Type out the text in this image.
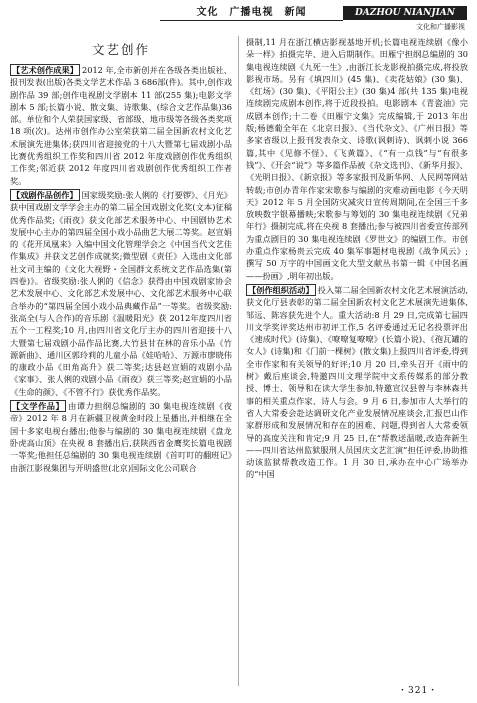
文化　广播电视　新闻	DAZHOU NIANJIAN
文化和广播影视
文艺创作

【艺术创作成果】 2012 年,全市新创并在各级各类出版社、报刊发表(出版)各类文学艺术作品 3 686部(件)。其中,创作戏剧作品 39 部;创作电视剧文学剧本 11 部(255 集);电影文学剧本 5 部;长篇小说、散文集、诗歌集、(综合文艺作品集)36 部。单位和个人荣获国家级、省部级、地市级等各级各类奖项 18 项(次)。达州市创作办公室荣获第二届全国新农村文化艺术展演先进集体;获四川省迎接党的十八大暨第七届戏剧小品比赛优秀组织工作奖和四川省 2012 年度戏剧创作优秀组织工作奖;邻近获 2012 年度四川省戏剧创作优秀组织工作者奖。

【戏剧作品创作】 国家级奖励:张人俐的《打要锣》、《月光》获中国戏剧文学学会主办的第二届全国戏剧文化奖(文本)征稿优秀作品奖;《雨夜》获文化部艺术服务中心、中国剧协艺术发展中心主办的第四届全国小戏小品曲艺大展二等奖。赵宣娟的《花开凤凰来》入编中国文化管理学会之《中国当代文艺佳作集成》并获文艺创作成就奖;微型剧《责任》入选由文化部社文司主编的《文化大视野・全国群文系统文艺作品选集(第四卷)》。省级奖励:张人俐的《信念》获得由中国戏剧家协会艺术发展中心、文化部艺术发展中心、文化部艺术服务中心联合举办的“第四届全国小戏小品典藏作品”一等奖。省级奖励:张高全(与人合作)的音乐剧《温暖阳光》获 2012年度四川省五个一工程奖;10 月,由四川省文化厅主办的四川省迎接十八大暨第七届戏剧小品作品比赛,大竹县甘在林的音乐小品《竹源新曲》、通川区郭玲莉的儿童小品《娃哈哈》、万源市廖晓伟的康政小品《田角高升》获二等奖;达县赵宣娟的戏剧小品《家事》、张人俐的戏剧小品《雨夜》获三等奖;赵宣娟的小品《生命的颜》、《不管不行》获优秀作品奖。

【文学作品】 由谭力担纲总编剧的 30 集电视连续剧《夜帝》2012 年 8 月在新疆卫视黄金时段上星播出,并相继在全国十多家电视台播出;他参与编剧的 30 集电视连续剧《盘龙卧虎高山顶》在央视 8 套播出后,获陕西省金鹰奖长篇电视剧一等奖;他担任总编剧的 30 集电视连续剧《首叮叮的翻班记》由浙江影视集团与开明盛世(北京)国际文化公司联合

摄制,11 月在浙江横店影视基地开机;长篇电视连续剧《像小朵一样》拍摄完毕、进入后期制作。田雁宁担纲总编剧的 30 集电视连续剧《九死一生》,由浙江长龙影视拍摄完成,将投放影视市场。另有《填四川》(45 集)、《卖花姑娘》(30 集)、《红场》(30 集)、《平阳公主》(30 集)4 部(共 135 集)电视连续剧完成剧本创作,将于近段投拍。电影剧本《青瓷油》完成剧本创作;十二卷《田雁宁文集》完成编辑,于 2013 年出版;杨德葡全年在《北京日报》、《当代杂文》、《广州日报》等多家省级以上报刊发表杂文、诗歌(讽刺诗)、讽刺小说 366 篇,其中《见修不怪》、《飞黄篇》、《“有一点钱”与“有很多钱”》、《开会“说”》等多篇作品被《杂文选刊》、《新华月报》、《光明日报》、《新京报》等多家报刊及新华网、人民网等网站转载;市创办青年作家宋歌参与编剧的灾难动画电影《今天明天》2012 年 5 月全国防灾减灾日宣传周期间,在全国三千多放映数字银幕播映;宋歌参与筹划的 30 集电视连续剧《兄弟年行》摄制完成,将在央视 8 套播出;参与被四川省委宣传部列为重点剧目的 30 集电视连续剧《罗世文》的编剧工作。市创办重点作家杨贵云完成 40 集军事题材电视剧《战争风云》;撰写 50 万字的中国画文化大型文献丛书第一辑《中国名画——扮画》,明年初出版。

【创作组织活动】 投入第二届全国新农村文化艺术展演活动,获文化厅县表彰的第二届全国新农村文化艺术展演先进集体,邹远、陈容获先进个人。重大活动:8 月 29 日,完成第七届四川文学奖评奖达州市初评工作,5 名评委通过无记名投票评出《速成时代》(诗集)、《嘹嘹复嘹嘹》(长篇小说)、《孢瓦罐的女人》(诗集)和《门前一棵树》(散文集)上报四川省评委,得到全市作家和有关领导的好评;10 月 20 日,牵头召开《雨中的树》戴后座谈会,特邀四川文理学院中文系传媒系的部分教授、博士、领导和在读大学生参加,特邀宣汉县曾与李林森共事的相关重点作家、诗人与会。9 月 6 日,参加市人大举行的省人大常委会赴达调研文化产业发展情况座谈会,汇报巴山作家群形成和发展情况和存在的困难、问题,得到省人大常委领导的高度关注和肯定;9 月 25 日,在“帮教送温暖,改造奔新生——四川省达州监狱服刑人员国庆文艺汇演”担任评委,协助推动该监狱帮教改造工作。1 月 30 日,承办在中心广场举办的“中国

・321・
